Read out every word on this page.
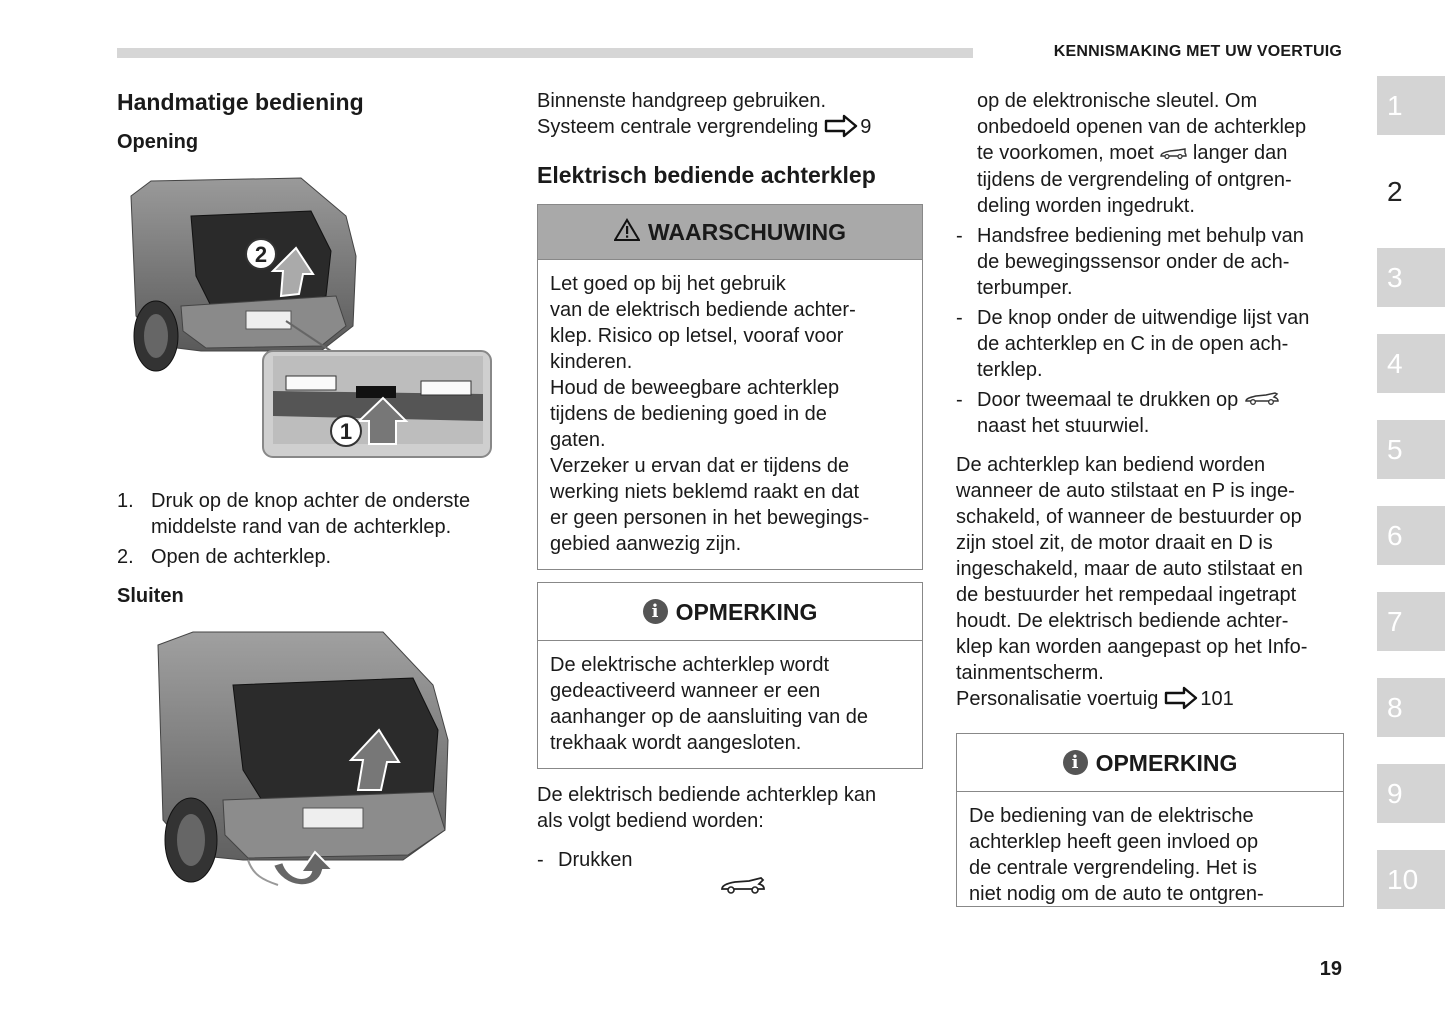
KENNISMAKING MET UW VOERTUIG
Handmatige bediening
Opening
2
1
1. Druk op de knop achter de onderste middelste rand van de achterklep.
2. Open de achterklep.
Sluiten

Binnenste handgreep gebruiken.

Systeem centrale vergrendeling 9

Elektrisch bediende achterklep
WAARSCHUWING

Let goed op bij het gebruik

van de elektrisch bediende achter-

klep. Risico op letsel, vooraf voor

kinderen.

Houd de beweegbare achterklep

tijdens de bediening goed in de

gaten.

Verzeker u ervan dat er tijdens de

werking niets beklemd raakt en dat

er geen personen in het bewegings-

gebied aanwezig zijn.

i OPMERKING

De elektrische achterklep wordt

gedeactiveerd wanneer er een

aanhanger op de aansluiting van de

trekhaak wordt aangesloten.

De elektrisch bediende achterklep kan

als volgt bediend worden:

- Drukken

op de elektronische sleutel. Om

onbedoeld openen van de achterklep

te voorkomen, moet langer dan

tijdens de vergrendeling of ontgren-

deling worden ingedrukt.

- Handsfree bediening met behulp van

de bewegingssensor onder de ach-

terbumper.

- De knop onder de uitwendige lijst van

de achterklep en C in de open ach-

terklep.

- Door tweemaal te drukken op

naast het stuurwiel.

De achterklep kan bediend worden

wanneer de auto stilstaat en P is inge-

schakeld, of wanneer de bestuurder op

zijn stoel zit, de motor draait en D is

ingeschakeld, maar de auto stilstaat en

de bestuurder het rempedaal ingetrapt

houdt. De elektrisch bediende achter-

klep kan worden aangepast op het Info-

tainmentscherm.

Personalisatie voertuig 101

i OPMERKING

De bediening van de elektrische

achterklep heeft geen invloed op

de centrale vergrendeling. Het is

niet nodig om de auto te ontgren-

1
2
3
4
5
6
7
8
9
10
19
